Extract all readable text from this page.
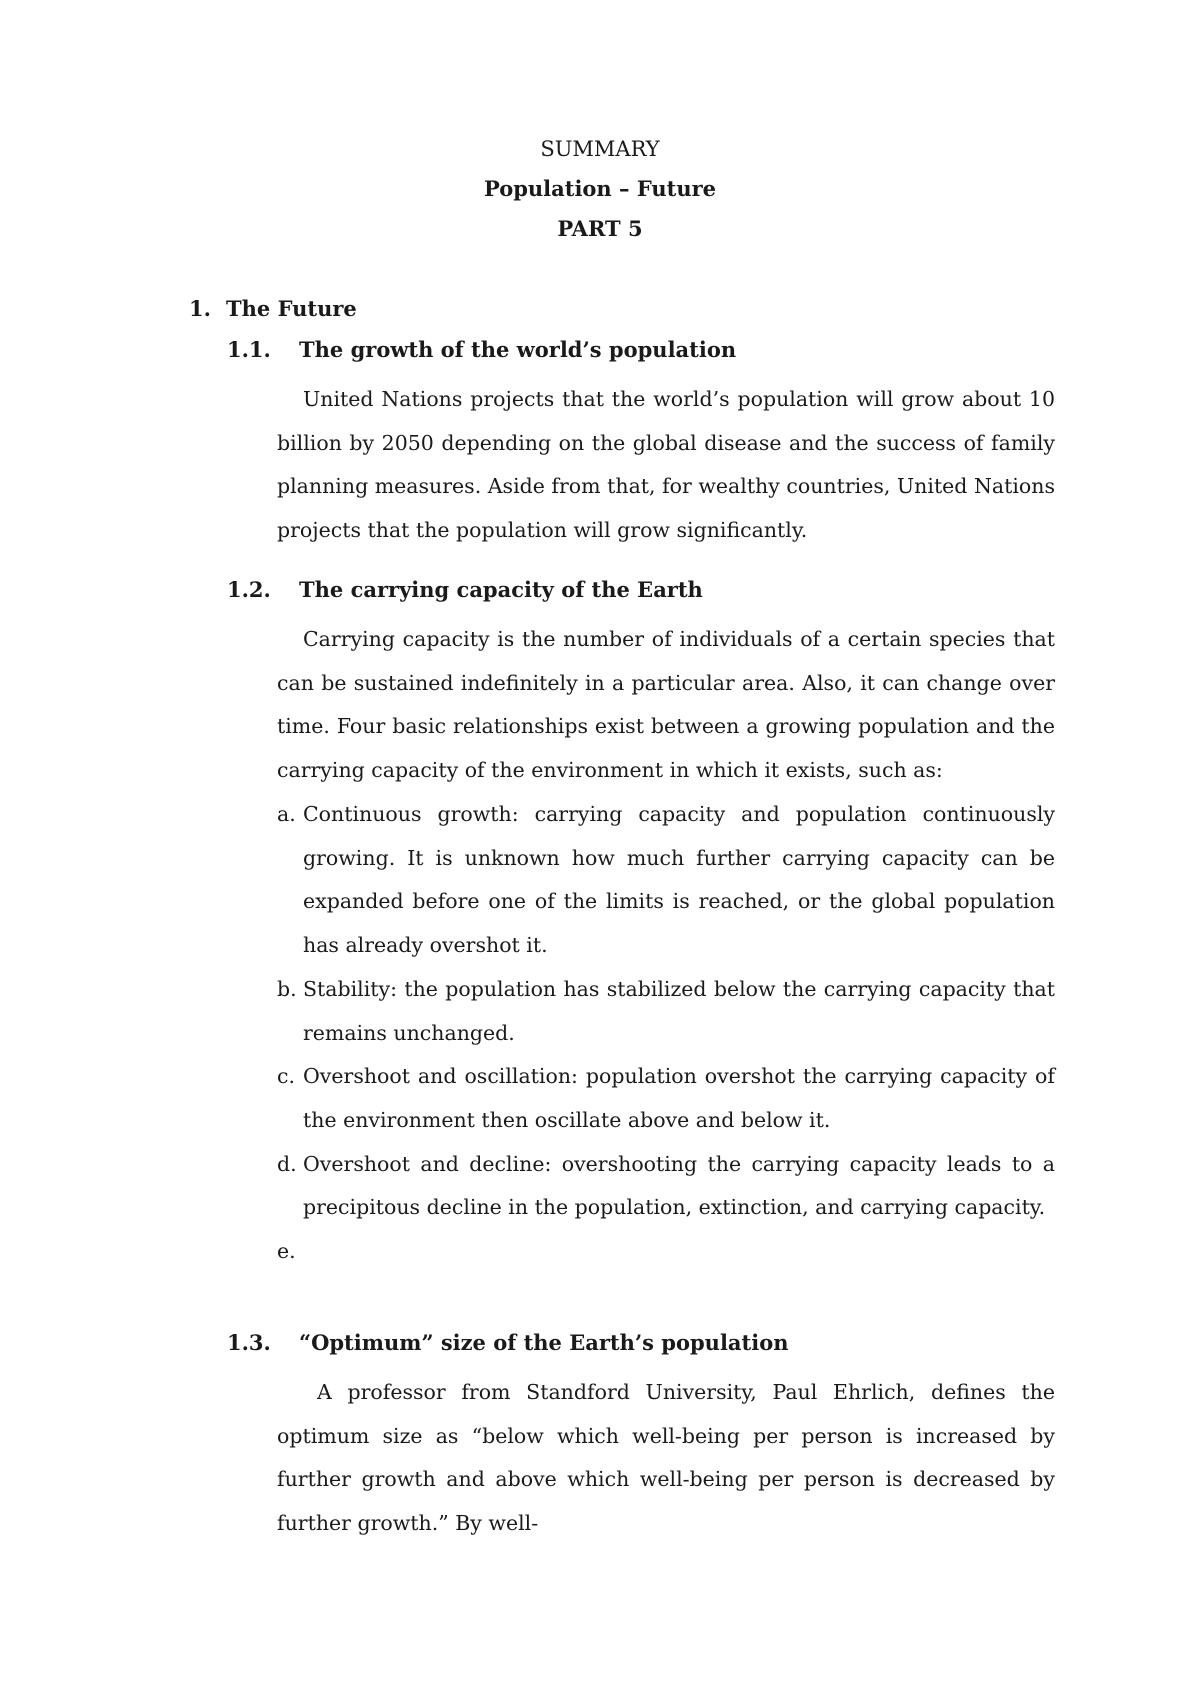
SUMMARY
Population – Future
PART 5
1. The Future
1.1. The growth of the world’s population

United Nations projects that the world’s population will grow about 10 billion by 2050 depending on the global disease and the success of family planning measures. Aside from that, for wealthy countries, United Nations projects that the population will grow significantly.

1.2. The carrying capacity of the Earth

Carrying capacity is the number of individuals of a certain species that can be sustained indefinitely in a particular area. Also, it can change over time. Four basic relationships exist between a growing population and the carrying capacity of the environment in which it exists, such as:

a. Continuous growth: carrying capacity and population continuously growing. It is unknown how much further carrying capacity can be expanded before one of the limits is reached, or the global population has already overshot it.
b. Stability: the population has stabilized below the carrying capacity that remains unchanged.
c. Overshoot and oscillation: population overshot the carrying capacity of the environment then oscillate above and below it.
d. Overshoot and decline: overshooting the carrying capacity leads to a precipitous decline in the population, extinction, and carrying capacity.
e.

1.3. “Optimum” size of the Earth’s population

A professor from Standford University, Paul Ehrlich, defines the optimum size as “below which well-being per person is increased by further growth and above which well-being per person is decreased by further growth.” By well-
